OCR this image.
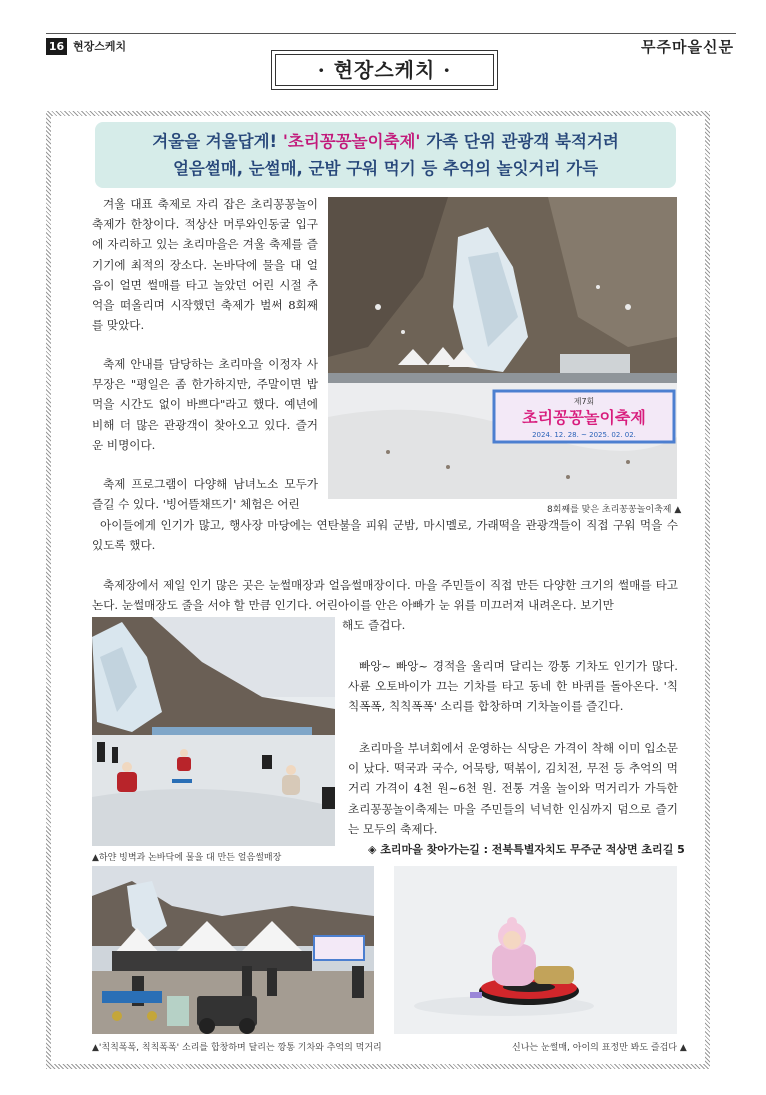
16 현장스케치	무주마을신문
· 현장스케치 ·
겨울을 겨울답게! '초리꽁꽁놀이축제' 가족 단위 관광객 북적거려
얼음썰매, 눈썰매, 군밤 구워 먹기 등 추억의 놀잇거리 가득
겨울 대표 축제로 자리 잡은 초리꽁꽁놀이축제가 한창이다. 적상산 머루와인동굴 입구에 자리하고 있는 초리마을은 겨울 축제를 즐기기에 최적의 장소다. 논바닥에 물을 대 얼음이 얼면 썰매를 타고 놀았던 어린 시절 추억을 떠올리며 시작했던 축제가 벌써 8회째를 맞았다.
축제 안내를 담당하는 초리마을 이정자 사무장은 "평일은 좀 한가하지만, 주말이면 밥 먹을 시간도 없이 바쁘다"라고 했다. 예년에 비해 더 많은 관광객이 찾아오고 있다. 즐거운 비명이다.
축제 프로그램이 다양해 남녀노소 모두가 즐길 수 있다. '빙어뜰채뜨기' 체험은 어린
아이들에게 인기가 많고, 행사장 마당에는 연탄불을 피워 군밤, 마시멜로, 가래떡을 관광객들이 직접 구워 먹을 수 있도록 했다.
축제장에서 제일 인기 많은 곳은 눈썰매장과 얼음썰매장이다. 마을 주민들이 직접 만든 다양한 크기의 썰매를 타고 논다. 눈썰매장도 줄을 서야 할 만큼 인기다. 어린아이를 안은 아빠가 눈 위를 미끄러져 내려온다. 보기만
해도 즐겁다.
빠앙~ 빠앙~ 경적을 울리며 달리는 깡통 기차도 인기가 많다. 사륜 오토바이가 끄는 기차를 타고 동네 한 바퀴를 돌아온다. '칙칙폭폭, 칙칙폭폭' 소리를 합창하며 기차놀이를 즐긴다.
초리마을 부녀회에서 운영하는 식당은 가격이 착해 이미 입소문이 났다. 떡국과 국수, 어묵탕, 떡볶이, 김치전, 무전 등 추억의 먹거리 가격이 4천 원~6천 원. 전통 겨울 놀이와 먹거리가 가득한 초리꽁꽁놀이축제는 마을 주민들의 넉넉한 인심까지 덤으로 즐기는 모두의 축제다.
◈ 초리마을 찾아가는길 : 전북특별자치도 무주군 적상면 초리길 5
제7회
초리꽁꽁놀이축제
2024. 12. 28. ~ 2025. 02. 02.
8회째를 맞은 초리꽁꽁놀이축제 ▲
▲하얀 빙벽과 논바닥에 물을 대 만든 얼음썰매장
▲'칙칙폭폭, 칙칙폭폭' 소리를 합창하며 달리는 깡통 기차와 추억의 먹거리	신나는 눈썰매, 아이의 표정만 봐도 즐겁다 ▲
